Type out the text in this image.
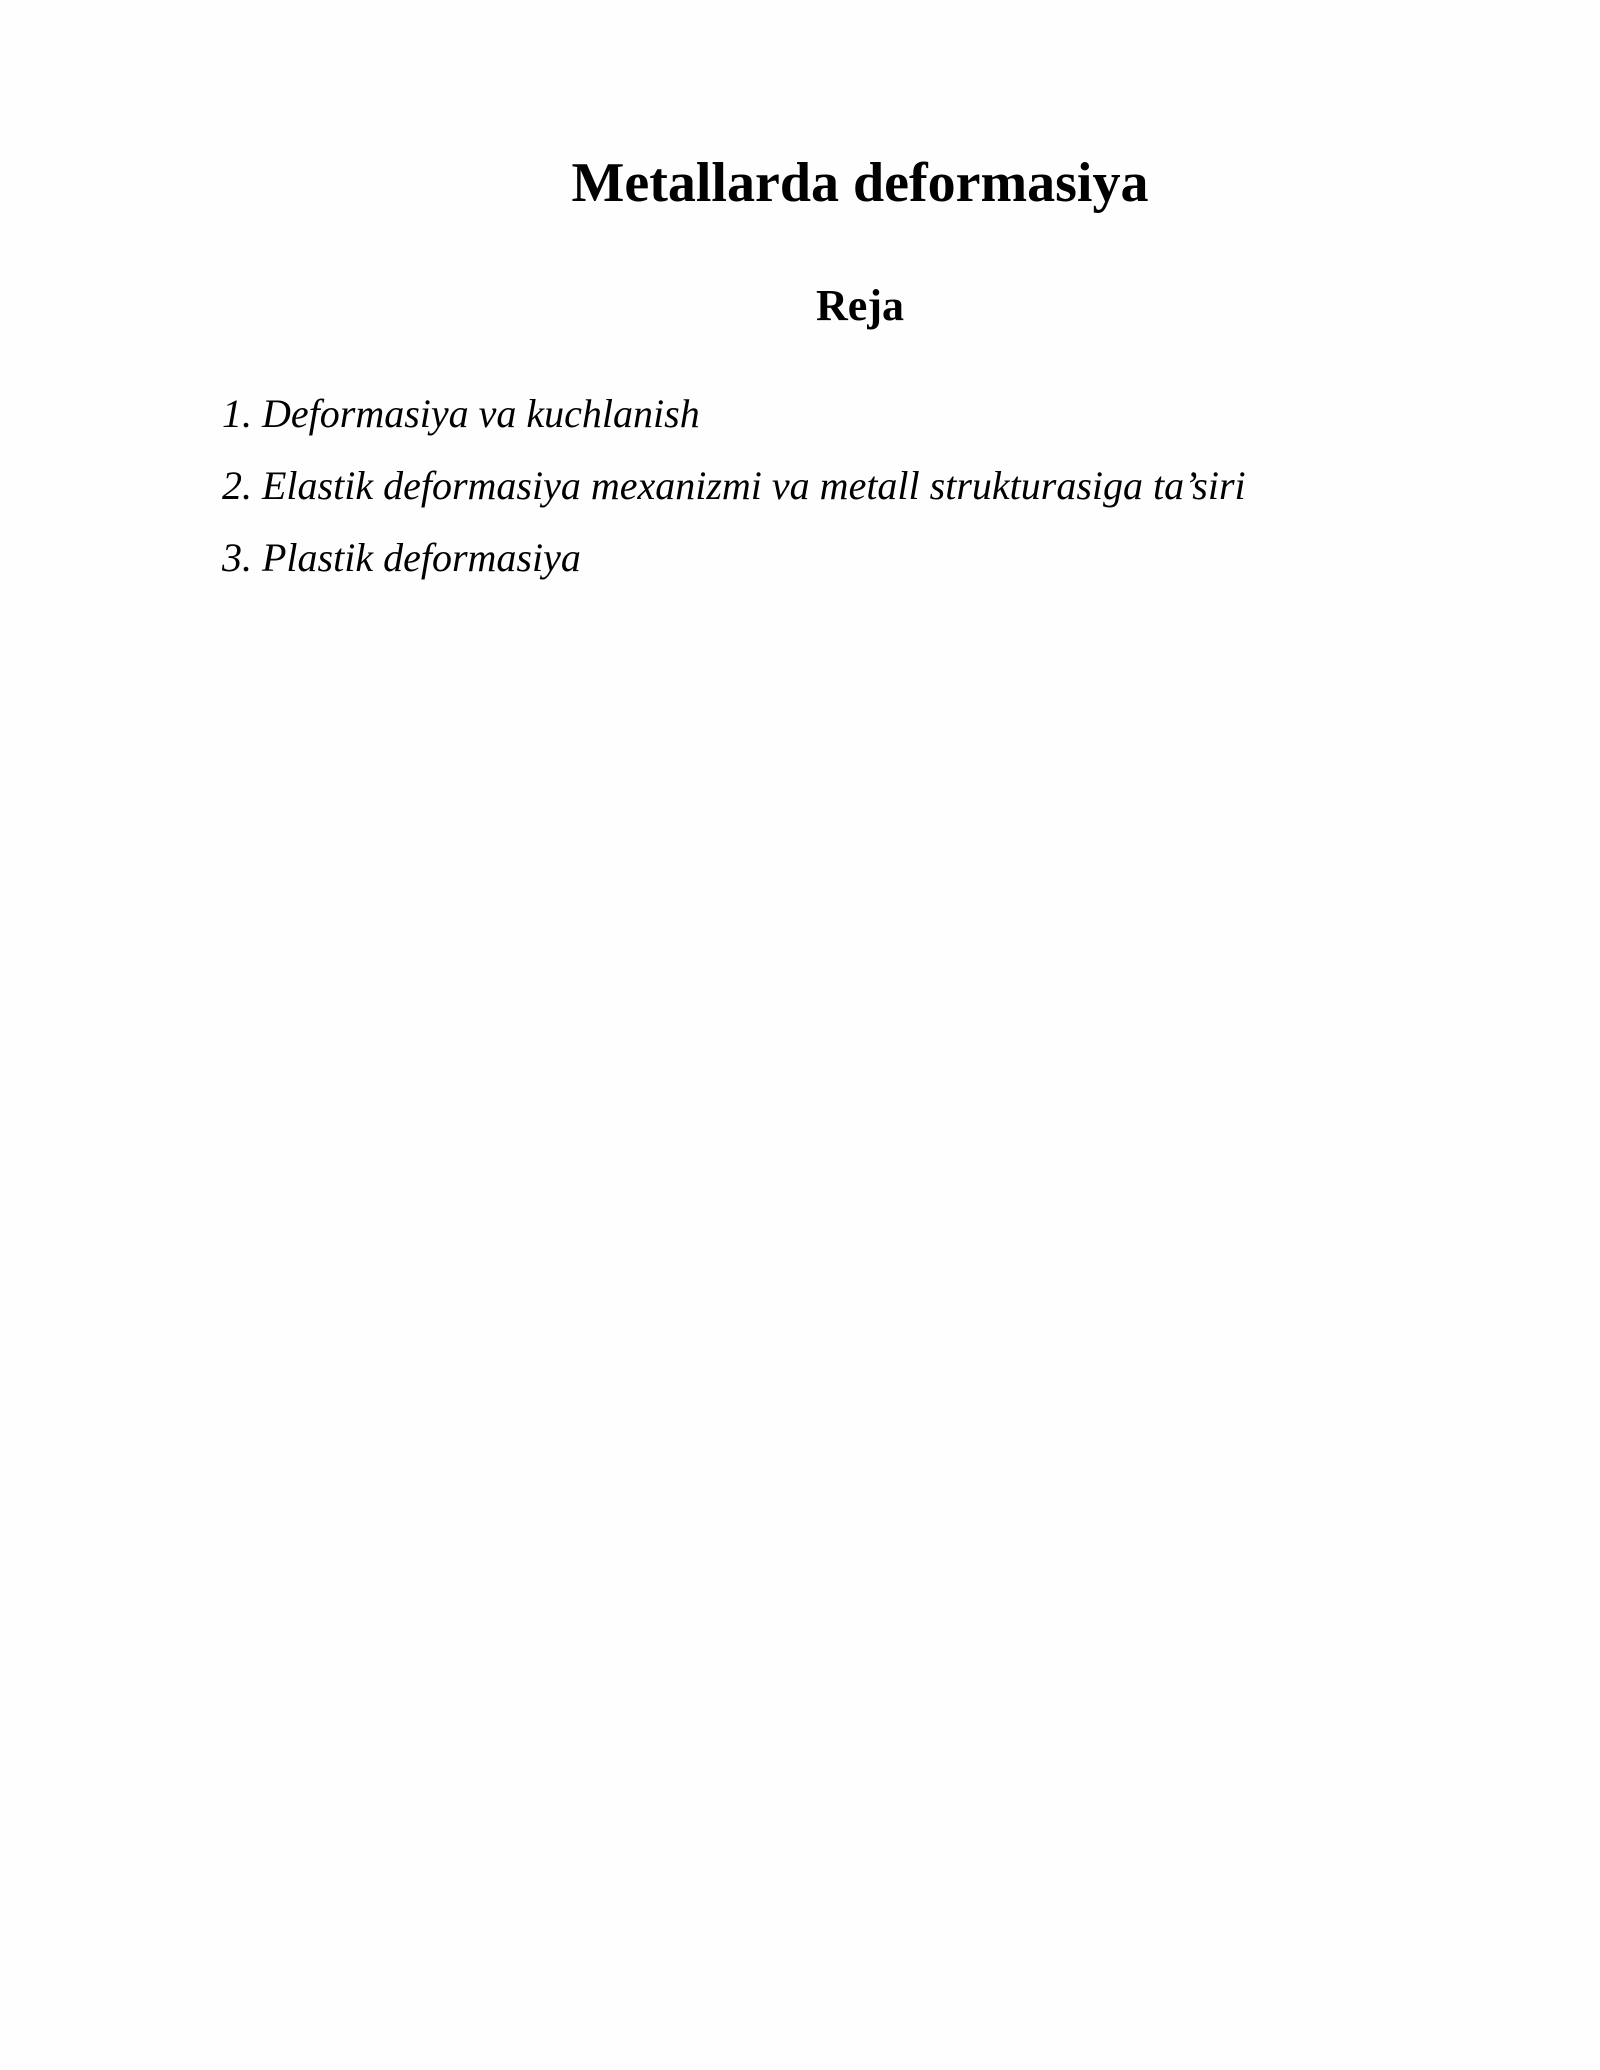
Metallarda deformasiya
Reja
1. Deformasiya va kuchlanish
2. Elastik deformasiya mexanizmi va metall strukturasiga ta’siri
3. Plastik deformasiya
